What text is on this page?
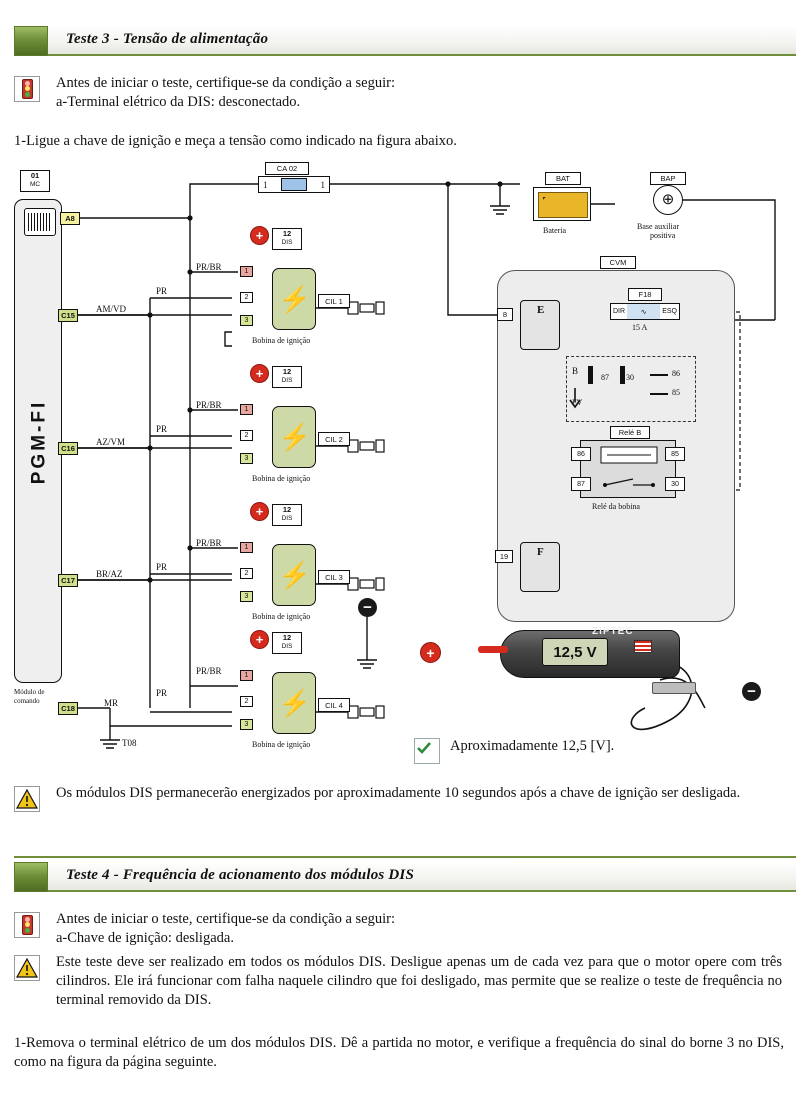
Teste 3 - Tensão de alimentação
Antes de iniciar o teste, certifique-se da condição a seguir:
a-Terminal elétrico da DIS: desconectado.
1-Ligue a chave de ignição e meça a tensão como indicado na figura abaixo.
01
MC
PGM-FI
Módulo de
comando
A8
C15
C16
C17
C18
AM/VD
AZ/VM
BR/AZ
MR
T08
PR
PR
PR
PR
PR/BR
PR/BR
PR/BR
PR/BR
CA 02
1	1
BAT
Bateria
BAP
⊕
Base auxiliar
positiva
CVM
E
8
F
19
F18
DIR	∿	ESQ
15 A
B
FV
87 30	86
85
Relé B
86	85
87	30
Relé da bobina
+	12
DIS
⚡
1
2
3
CIL 1
Bobina de ignição
+	12
DIS
⚡
1
2
3
CIL 2
Bobina de ignição
+	12
DIS
⚡
1
2
3
CIL 3
Bobina de ignição
+	12
DIS
⚡
1
2
3
CIL 4
Bobina de ignição
−
+
−
ZIPTEC
12,5 V
Aproximadamente 12,5 [V].
Os módulos DIS permanecerão energizados por aproximadamente 10 segundos após a chave de ignição ser desligada.
Teste 4 - Frequência de acionamento dos módulos DIS
Antes de iniciar o teste, certifique-se da condição a seguir:
a-Chave de ignição: desligada.
Este teste deve ser realizado em todos os módulos DIS. Desligue apenas um de cada vez para que o motor opere com três cilindros. Ele irá funcionar com falha naquele cilindro que foi desligado, mas permite que se realize o teste de frequência no terminal removido da DIS.
1-Remova o terminal elétrico de um dos módulos DIS. Dê a partida no motor, e verifique a frequência do sinal do borne 3 no DIS, como na figura da página seguinte.
